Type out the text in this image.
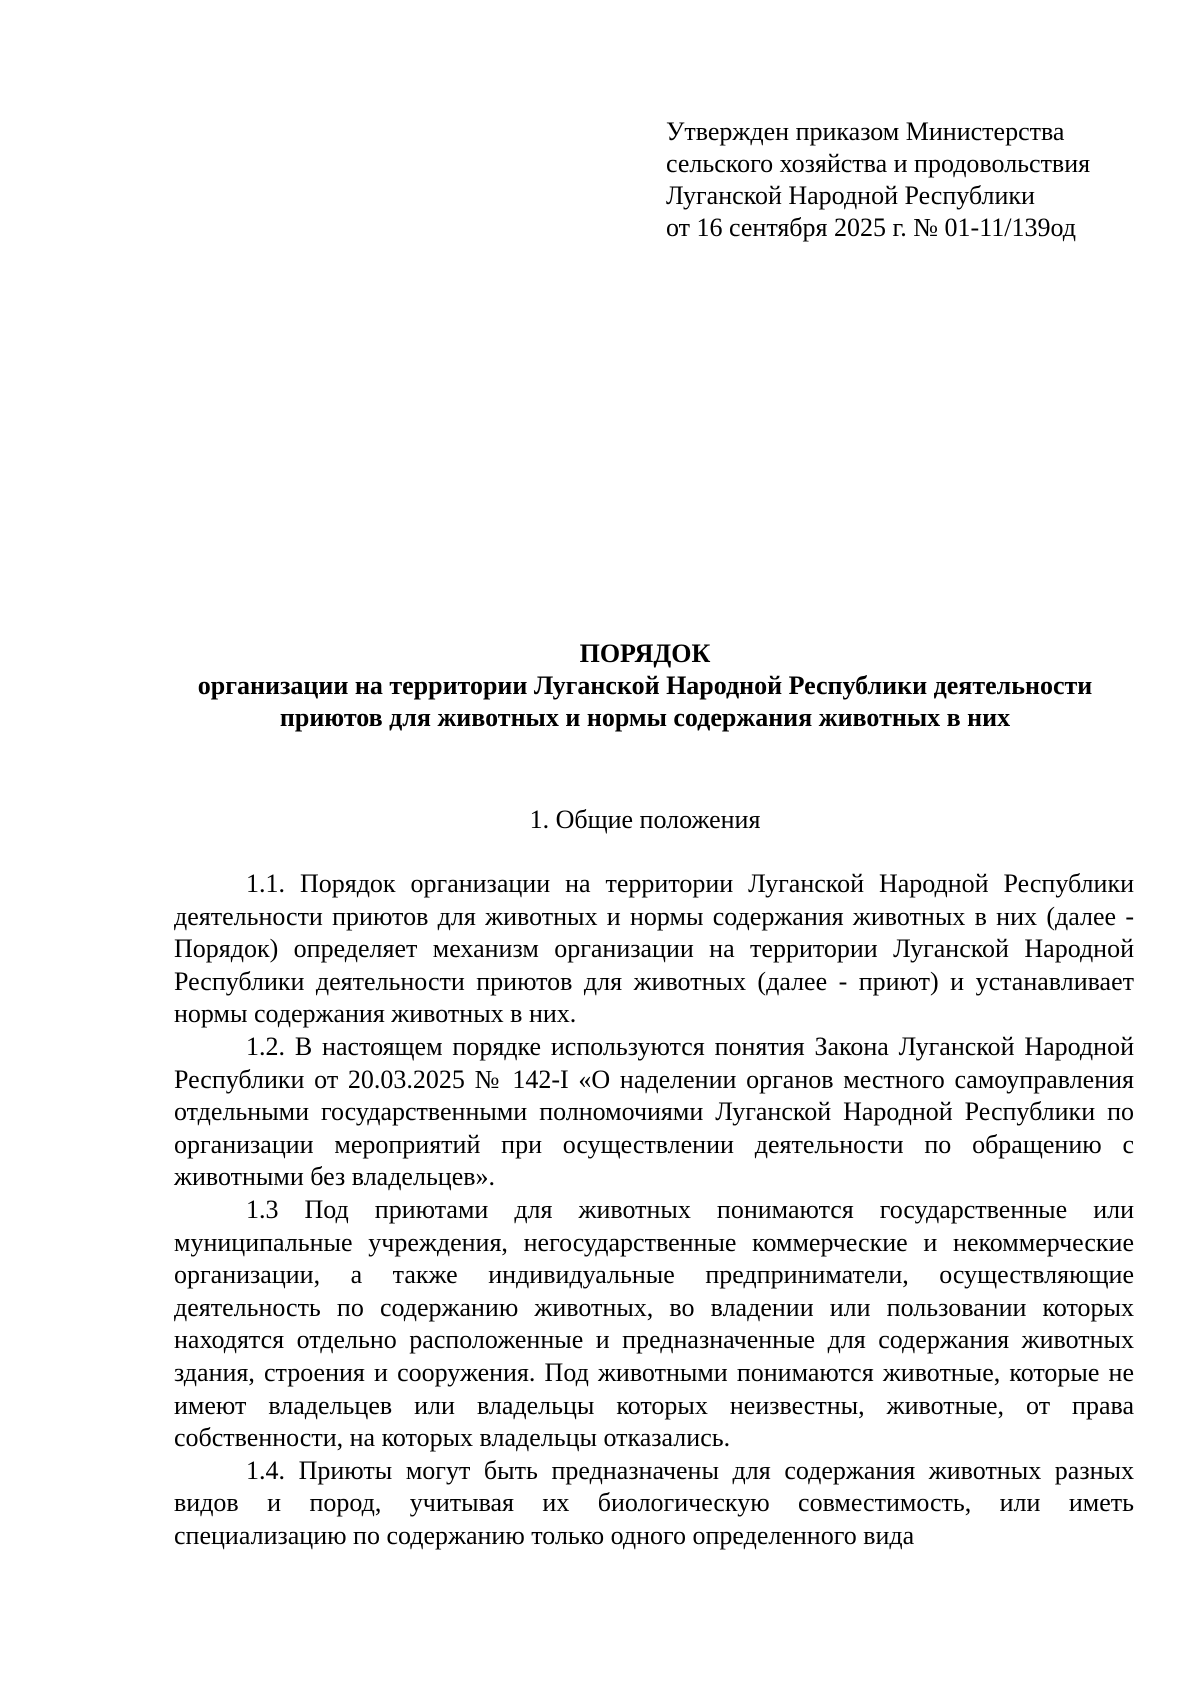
Утвержден приказом Министерства
сельского хозяйства и продовольствия
Луганской Народной Республики
от 16 сентября 2025 г. № 01-11/139од
ПОРЯДОК
организации на территории Луганской Народной Республики деятельности приютов для животных и нормы содержания животных в них
1. Общие положения

1.1. Порядок организации на территории Луганской Народной Республики деятельности приютов для животных и нормы содержания животных в них (далее - Порядок) определяет механизм организации на территории Луганской Народной Республики деятельности приютов для животных (далее - приют) и устанавливает нормы содержания животных в них.

1.2. В настоящем порядке используются понятия Закона Луганской Народной Республики от 20.03.2025 № 142-I «О наделении органов местного самоуправления отдельными государственными полномочиями Луганской Народной Республики по организации мероприятий при осуществлении деятельности по обращению с животными без владельцев».

1.3 Под приютами для животных понимаются государственные или муниципальные учреждения, негосударственные коммерческие и некоммерческие организации, а также индивидуальные предприниматели, осуществляющие деятельность по содержанию животных, во владении или пользовании которых находятся отдельно расположенные и предназначенные для содержания животных здания, строения и сооружения. Под животными понимаются животные, которые не имеют владельцев или владельцы которых неизвестны, животные, от права собственности, на которых владельцы отказались.

1.4. Приюты могут быть предназначены для содержания животных разных видов и пород, учитывая их биологическую совместимость, или иметь специализацию по содержанию только одного определенного вида
